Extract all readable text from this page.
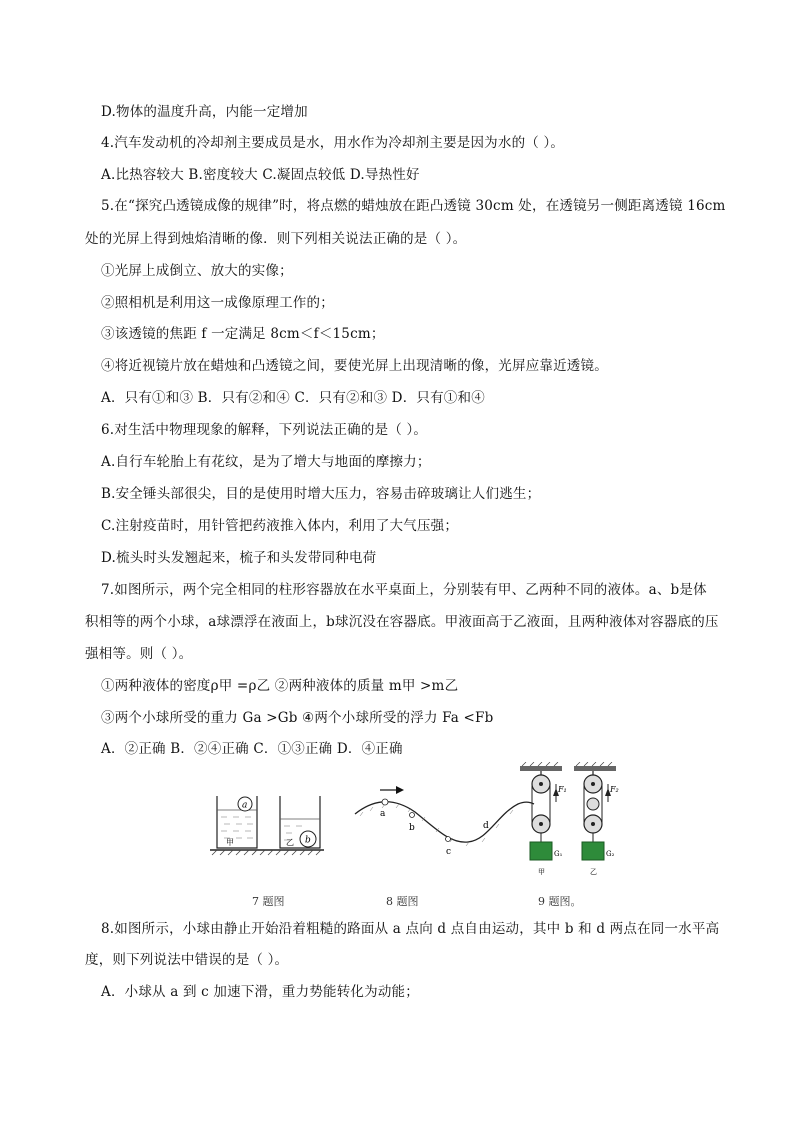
D.物体的温度升高，内能一定增加
4.汽车发动机的冷却剂主要成员是水，用水作为冷却剂主要是因为水的（ ）。
A.比热容较大 B.密度较大 C.凝固点较低 D.导热性好
5.在“探究凸透镜成像的规律”时，将点燃的蜡烛放在距凸透镜 30cm 处，在透镜另一侧距离透镜 16cm
处的光屏上得到烛焰清晰的像．则下列相关说法正确的是（ ）。
①光屏上成倒立、放大的实像；
②照相机是利用这一成像原理工作的；
③该透镜的焦距 f 一定满足 8cm＜f＜15cm；
④将近视镜片放在蜡烛和凸透镜之间，要使光屏上出现清晰的像，光屏应靠近透镜。
A．只有①和③ B．只有②和④ C．只有②和③ D．只有①和④
6.对生活中物理现象的解释，下列说法正确的是（ ）。
A.自行车轮胎上有花纹，是为了增大与地面的摩擦力；
B.安全锤头部很尖，目的是使用时增大压力，容易击碎玻璃让人们逃生；
C.注射疫苗时，用针管把药液推入体内，利用了大气压强；
D.梳头时头发翘起来，梳子和头发带同种电荷
7.如图所示，两个完全相同的柱形容器放在水平桌面上，分别装有甲、乙两种不同的液体。a、b是体
积相等的两个小球，a球漂浮在液面上，b球沉没在容器底。甲液面高于乙液面，且两种液体对容器底的压
强相等。则（ ）。
①两种液体的密度ρ甲 =ρ乙 ②两种液体的质量 m甲 >m乙
③两个小球所受的重力 Ga >Gb ④两个小球所受的浮力 Fa <Fb
A．②正确 B．②④正确 C．①③正确 D．④正确
a
甲	b
乙
a
b
c
d
F₁
G₁
甲
F₂
G₂
乙
7 题图	8 题图	9 题图。
8.如图所示，小球由静止开始沿着粗糙的路面从 a 点向 d 点自由运动，其中 b 和 d 两点在同一水平高
度，则下列说法中错误的是（ ）。
A．小球从 a 到 c 加速下滑，重力势能转化为动能；
